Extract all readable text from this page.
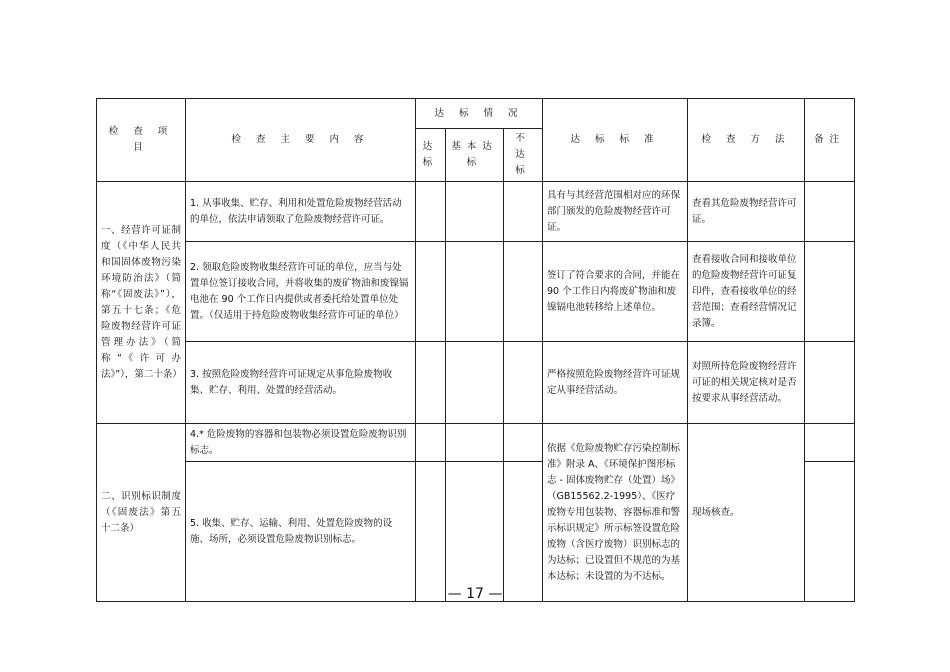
检 查 项 目	检 查 主 要 内 容	达 标 情 况			达 标 标 准	检 查 方 法	备注
		达标	基本达标	不达标			
一、经营许可证制度（《中华人民共和国固体废物污染环境防治法》（简称“《固废法》”），第五十七条；《危险废物经营许可证管理办法》（简称“《许可办法》”），第二十条）	1. 从事收集、贮存、利用和处置危险废物经营活动的单位，依法申请领取了危险废物经营许可证。				具有与其经营范围相对应的环保部门颁发的危险废物经营许可证。	查看其危险废物经营许可证。	
	2. 领取危险废物收集经营许可证的单位，应当与处置单位签订接收合同，并将收集的废矿物油和废镍镉电池在 90 个工作日内提供或者委托给处置单位处置。（仅适用于持危险废物收集经营许可证的单位）				签订了符合要求的合同，并能在 90 个工作日内将废矿物油和废镍镉电池转移给上述单位。	查看接收合同和接收单位的危险废物经营许可证复印件，查看接收单位的经营范围；查看经营情况记录簿。	
	3. 按照危险废物经营许可证规定从事危险废物收集、贮存、利用、处置的经营活动。				严格按照危险废物经营许可证规定从事经营活动。	对照所持危险废物经营许可证的相关规定核对是否按要求从事经营活动。	
二、识别标识制度（《固废法》第五十二条）	4.* 危险废物的容器和包装物必须设置危险废物识别标志。				依据《危险废物贮存污染控制标准》附录 A、《环境保护图形标志 - 固体废物贮存（处置）场》（GB15562.2-1995）、《医疗废物专用包装物、容器标准和警示标识规定》所示标签设置危险废物（含医疗废物）识别标志的为达标；已设置但不规范的为基本达标；未设置的为不达标。	现场核查。	
	5. 收集、贮存、运输、利用、处置危险废物的设施、场所，必须设置危险废物识别标志。						
— 17 —
